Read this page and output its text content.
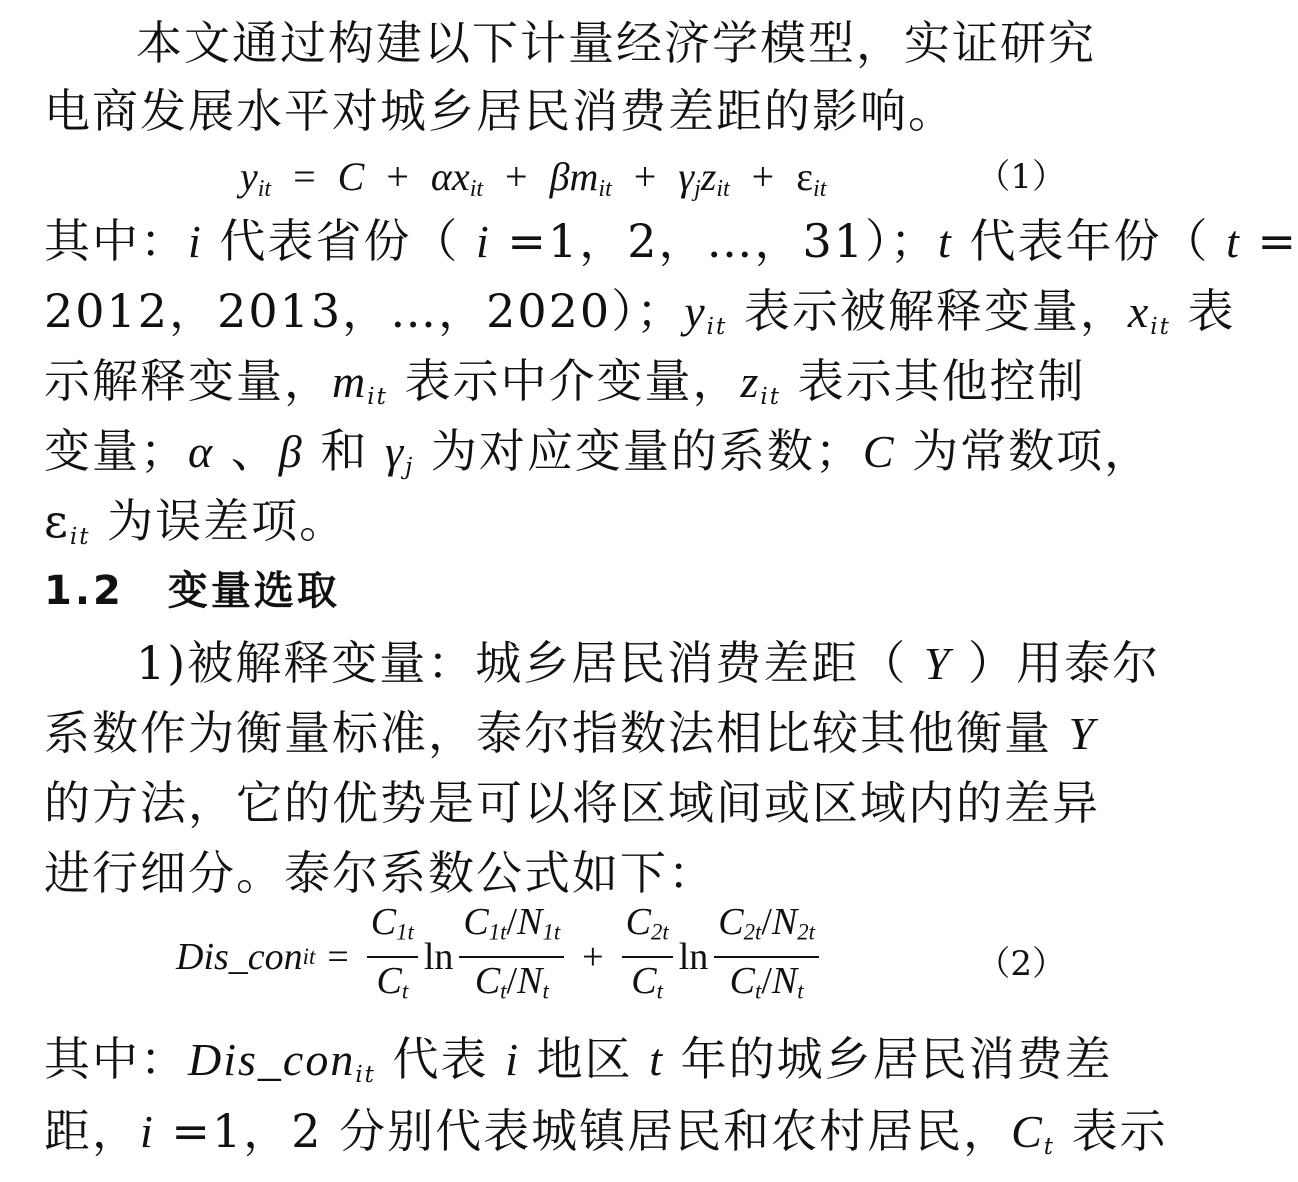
本文通过构建以下计量经济学模型，实证研究
电商发展水平对城乡居民消费差距的影响。
$y_{it} = C + \alpha x_{it} + \beta m_{it} + \gamma_jz_{it} + \varepsilon_{it}$	（1）
其中：i 代表省份（ i =1，2，…，31）；t 代表年份（ t =
2012，2013，…，2020）；yit 表示被解释变量，xit 表
示解释变量，mit 表示中介变量，zit 表示其他控制
变量；α 、β 和 γj 为对应变量的系数；C 为常数项，
εit 为误差项。
1.2 变量选取
1)被解释变量：城乡居民消费差距（ Y ）用泰尔
系数作为衡量标准，泰尔指数法相比较其他衡量 Y
的方法，它的优势是可以将区域间或区域内的差异
进行细分。泰尔系数公式如下：
Dis_con it = $\frac{C_{1t}}{C_t}$ $\ln \frac{C_{1t}/N_{1t}}{C_t/N_t} + \frac{C_{2t}}{C_t}$ $\ln \frac{C_{2t}/N_{2t}}{C_t/N_t}$	（2）
其中：Dis_conit 代表 i 地区 t 年的城乡居民消费差
距，i =1，2 分别代表城镇居民和农村居民，Ct 表示
